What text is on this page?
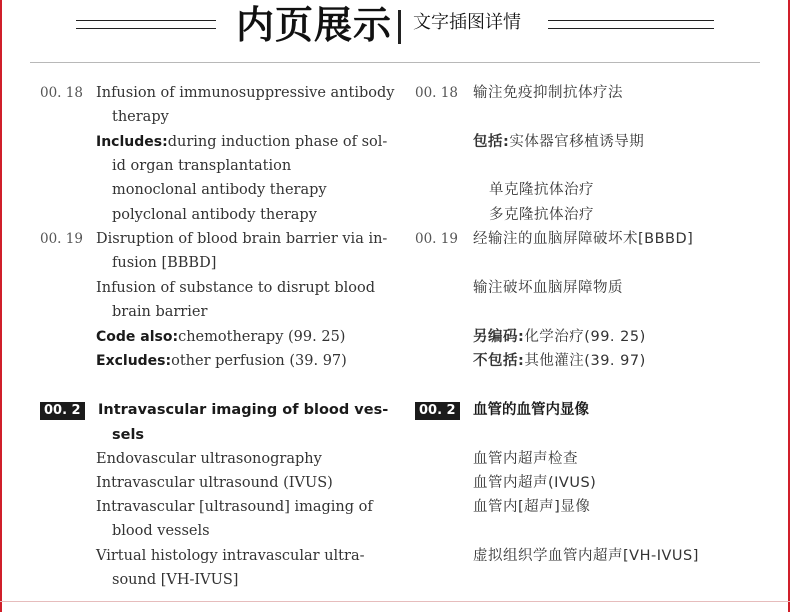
内页展示 文字插图详情
00. 18 Infusion of immunosuppressive antibody
therapy
Includes:during induction phase of sol-
id organ transplantation
monoclonal antibody therapy
polyclonal antibody therapy
00. 19 Disruption of blood brain barrier via in-
fusion [BBBD]
Infusion of substance to disrupt blood
brain barrier
Code also:chemotherapy (99. 25)
Excludes:other perfusion (39. 97)
00. 2 Intravascular imaging of blood ves-
sels
Endovascular ultrasonography
Intravascular ultrasound (IVUS)
Intravascular [ultrasound] imaging of
blood vessels
Virtual histology intravascular ultra-
sound [VH-IVUS]
00. 18 输注免疫抑制抗体疗法
包括:实体器官移植诱导期
单克隆抗体治疗
多克隆抗体治疗
00. 19 经输注的血脑屏障破坏术[BBBD]
输注破坏血脑屏障物质
另编码:化学治疗(99. 25)
不包括:其他灌注(39. 97)
00. 2 血管的血管内显像
血管内超声检查
血管内超声(IVUS)
血管内[超声]显像
虚拟组织学血管内超声[VH-IVUS]
